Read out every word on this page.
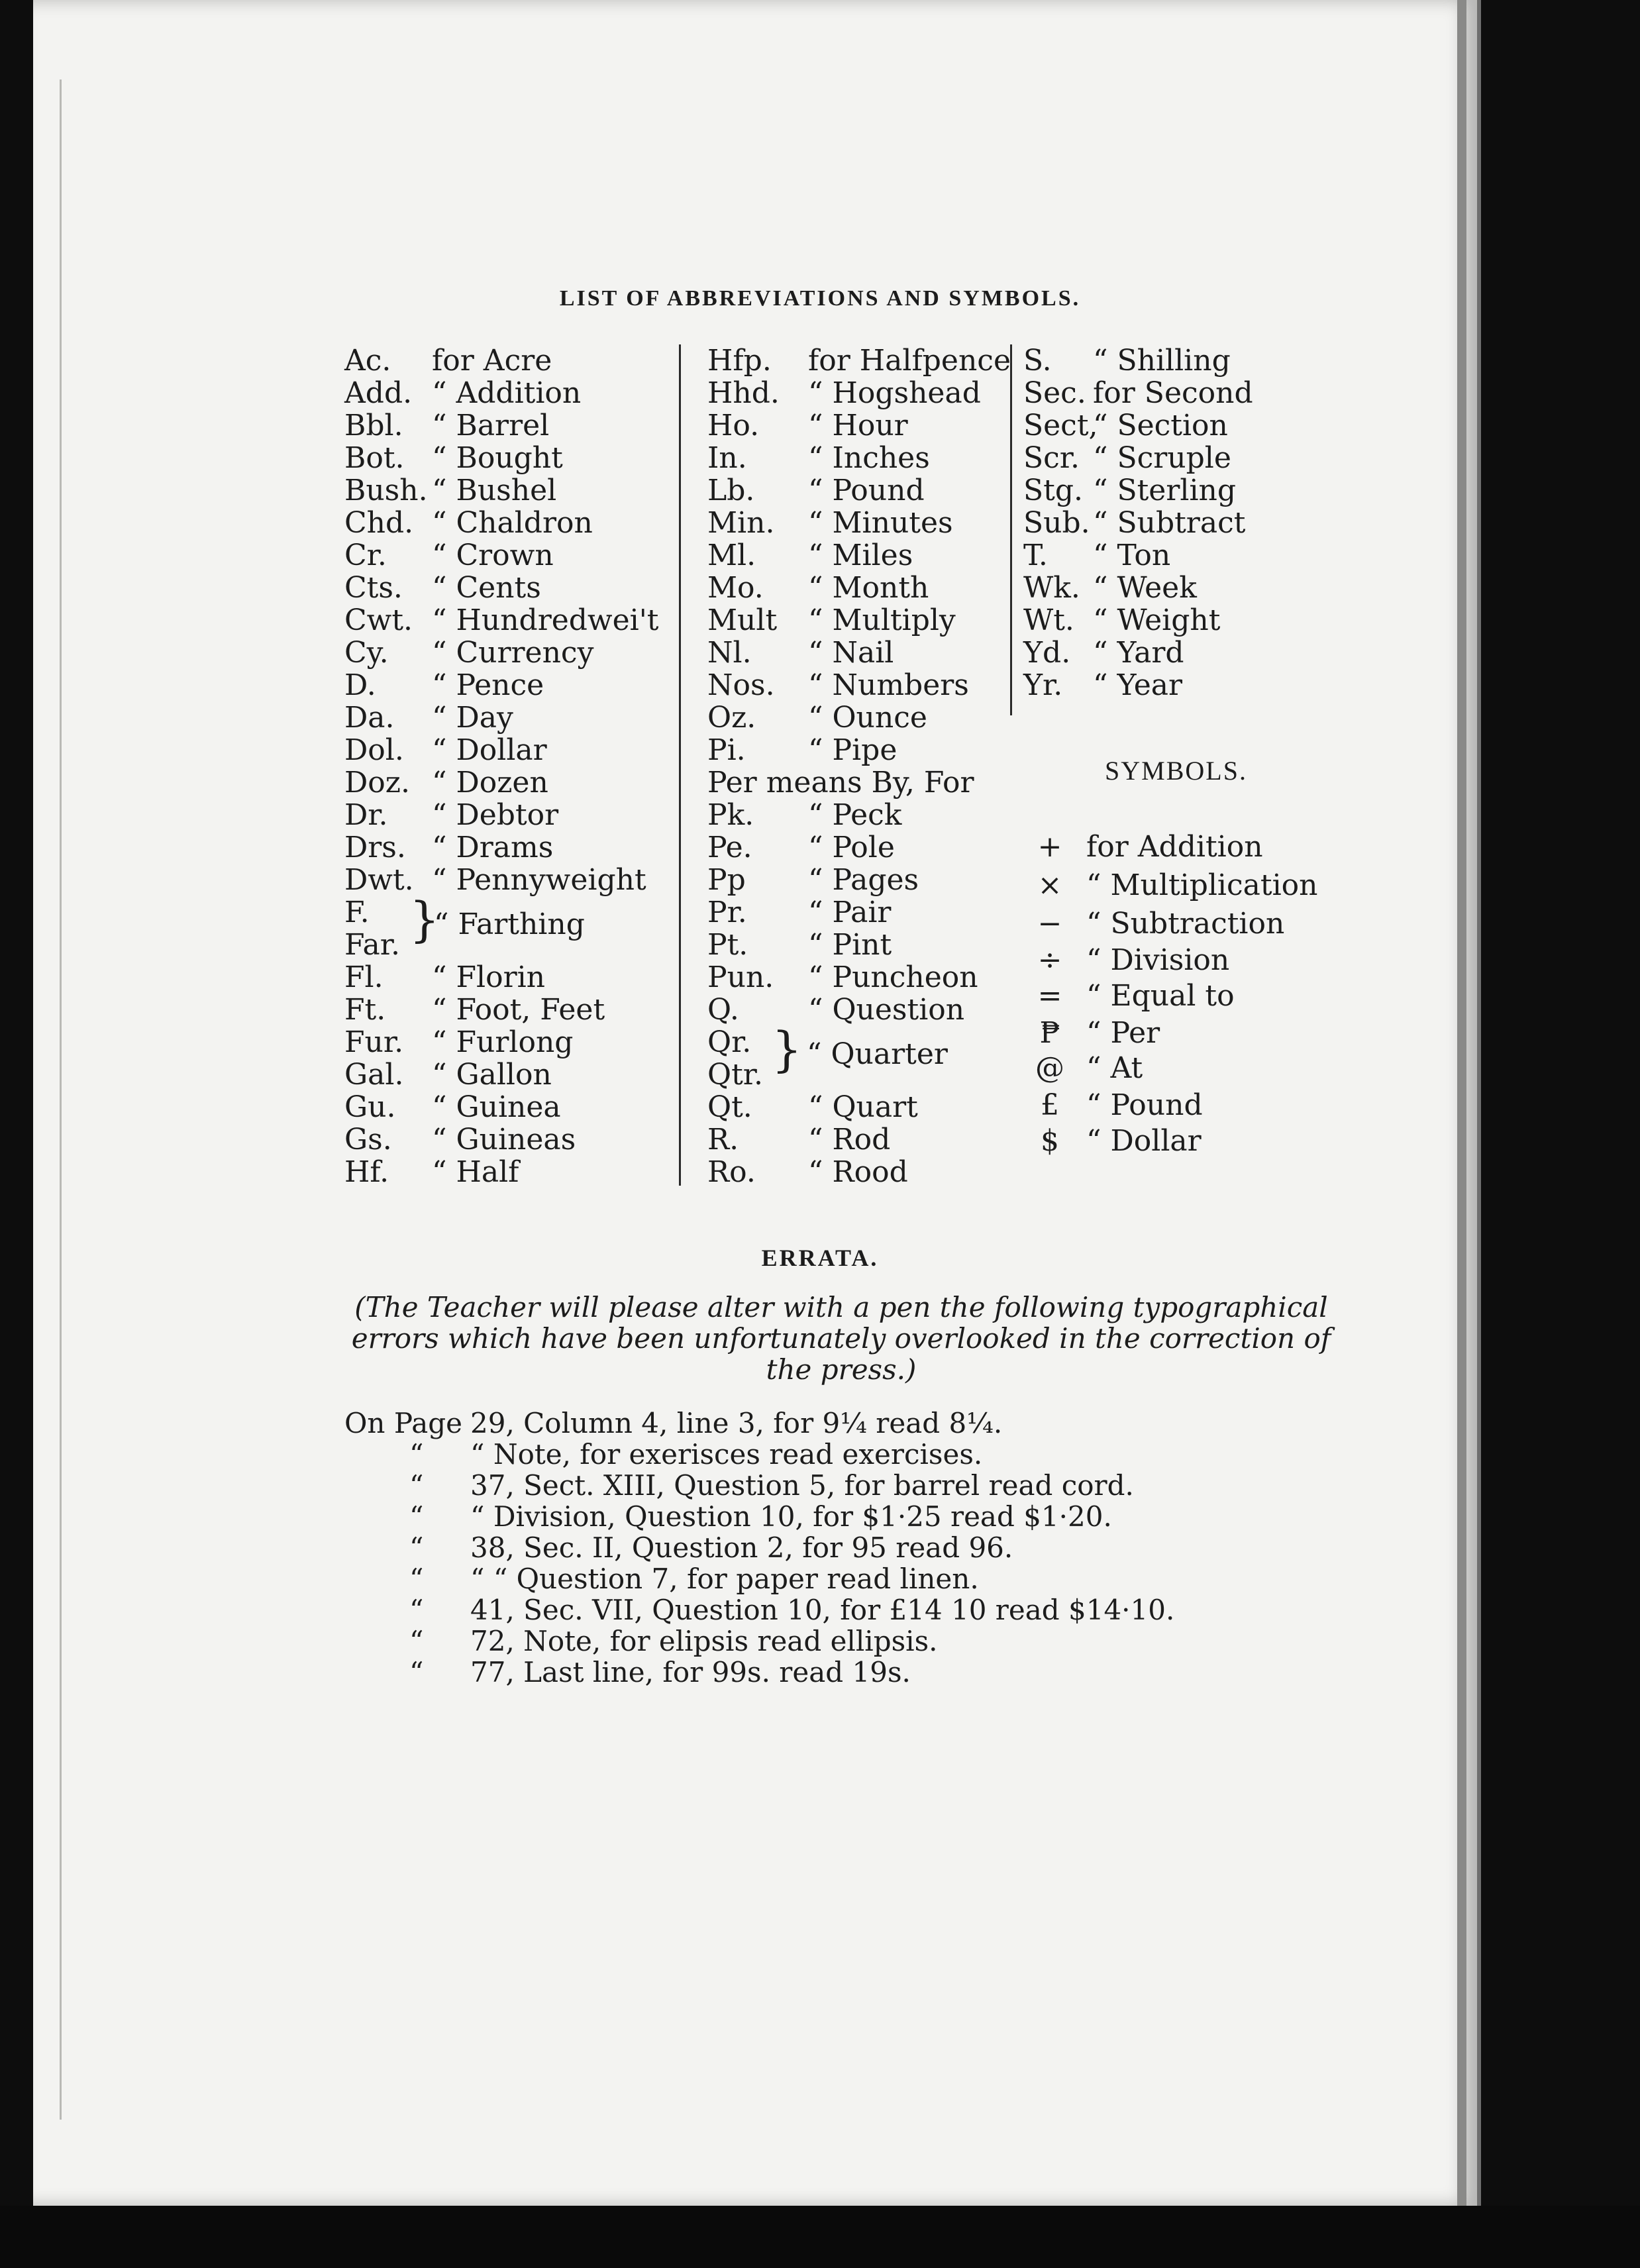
LIST OF ABBREVIATIONS AND SYMBOLS.
Ac. for Acre
Add. “ Addition
Bbl. “ Barrel
Bot. “ Bought
Bush. “ Bushel
Chd. “ Chaldron
Cr. “ Crown
Cts. “ Cents
Cwt. “ Hundredwei't
Cy. “ Currency
D. “ Pence
Da. “ Day
Dol. “ Dollar
Doz. “ Dozen
Dr. “ Debtor
Drs. “ Drams
Dwt. “ Pennyweight
F.
Far.
Fl. “ Florin
Ft. “ Foot, Feet
Fur. “ Furlong
Gal. “ Gallon
Gu. “ Guinea
Gs. “ Guineas
Hf. “ Half
}
“ Farthing
Hfp. for Halfpence
Hhd. “ Hogshead
Ho. “ Hour
In. “ Inches
Lb. “ Pound
Min. “ Minutes
Ml. “ Miles
Mo. “ Month
Mult “ Multiply
Nl. “ Nail
Nos. “ Numbers
Oz. “ Ounce
Pi. “ Pipe
Per means By, For
Pk. “ Peck
Pe. “ Pole
Pp “ Pages
Pr. “ Pair
Pt. “ Pint
Pun. “ Puncheon
Q. “ Question
Qr.
Qtr.
Qt. “ Quart
R. “ Rod
Ro. “ Rood
} “ Quarter
S. “ Shilling
Sec. for Second
Sect,
“ Section
Scr. “ Scruple
Stg. “ Sterling
Sub. “ Subtract
T. “ Ton
Wk. “ Week
Wt. “ Weight
Yd. “ Yard
Yr. “ Year
SYMBOLS.
+ for Addition
× “ Multiplication
− “ Subtraction
÷ “ Division
= “ Equal to
₱ “ Per
@ “ At
£ “ Pound
$ “ Dollar
ERRATA.
(The Teacher will please alter with a pen the following typographical errors which have been unfortunately overlooked in the correction of the press.)
On Page 29, Column 4, line 3, for 9¼ read 8¼.
“ “ Note, for exerisces read exercises.
“ 37, Sect. XIII, Question 5, for barrel read cord.
“ “ Division, Question 10, for $1·25 read $1·20.
“ 38, Sec. II, Question 2, for 95 read 96.
“ “ “ Question 7, for paper read linen.
“ 41, Sec. VII, Question 10, for £14 10 read $14·10.
“ 72, Note, for elipsis read ellipsis.
“ 77, Last line, for 99s. read 19s.
